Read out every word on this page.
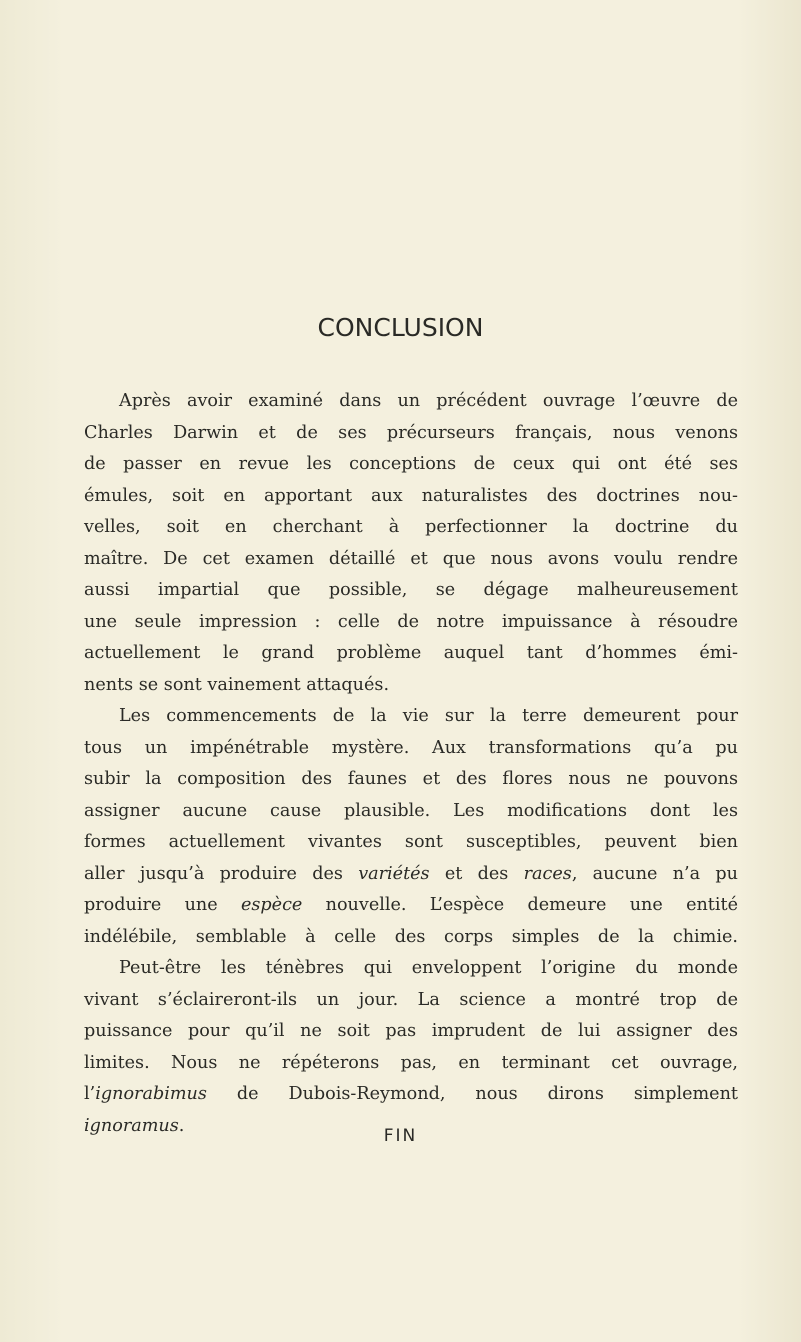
CONCLUSION
Après avoir examiné dans un précédent ouvrage l’œuvre de
Charles Darwin et de ses précurseurs français, nous venons
de passer en revue les conceptions de ceux qui ont été ses
émules, soit en apportant aux naturalistes des doctrines nou-
velles, soit en cherchant à perfectionner la doctrine du
maître. De cet examen détaillé et que nous avons voulu rendre
aussi impartial que possible, se dégage malheureusement
une seule impression : celle de notre impuissance à résoudre
actuellement le grand problème auquel tant d’hommes émi-
nents se sont vainement attaqués.
Les commencements de la vie sur la terre demeurent pour
tous un impénétrable mystère. Aux transformations qu’a pu
subir la composition des faunes et des flores nous ne pouvons
assigner aucune cause plausible. Les modifications dont les
formes actuellement vivantes sont susceptibles, peuvent bien
aller jusqu’à produire des variétés et des races, aucune n’a pu
produire une espèce nouvelle. L’espèce demeure une entité
indélébile, semblable à celle des corps simples de la chimie.
Peut-être les ténèbres qui enveloppent l’origine du monde
vivant s’éclaireront-ils un jour. La science a montré trop de
puissance pour qu’il ne soit pas imprudent de lui assigner des
limites. Nous ne répéterons pas, en terminant cet ouvrage,
l’ignorabimus de Dubois-Reymond, nous dirons simplement
ignoramus.
FIN
